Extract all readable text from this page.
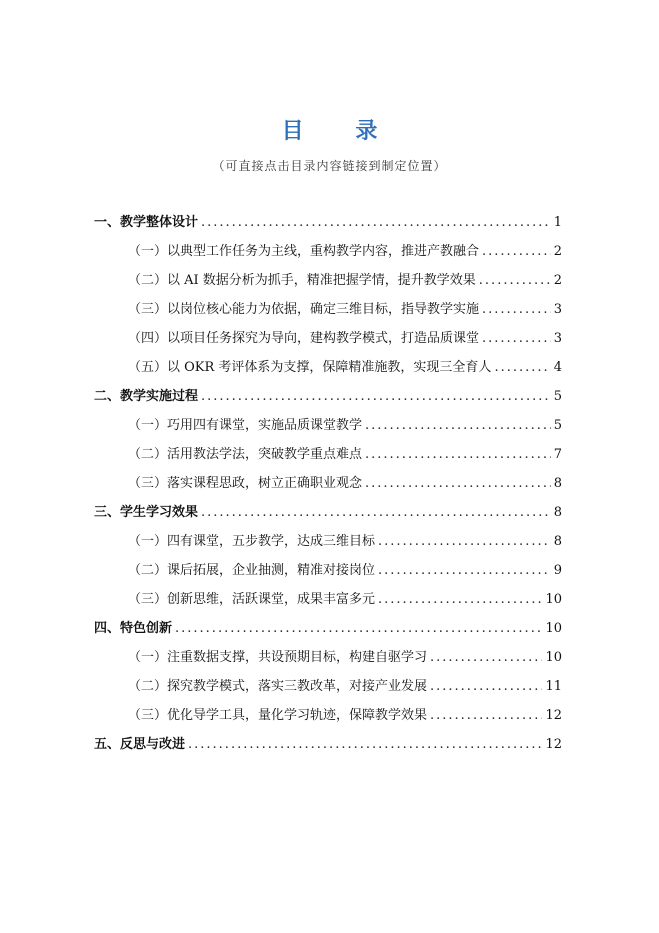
目 录
（可直接点击目录内容链接到制定位置）
一、教学整体设计 .....	1
（一）以典型工作任务为主线，重构教学内容，推进产教融合 .....	2
（二）以 AI 数据分析为抓手，精准把握学情，提升教学效果 .....	2
（三）以岗位核心能力为依据，确定三维目标，指导教学实施 .....	3
（四）以项目任务探究为导向，建构教学模式，打造品质课堂 .....	3
（五）以 OKR 考评体系为支撑，保障精准施教，实现三全育人 .....	4
二、教学实施过程 .....	5
（一）巧用四有课堂，实施品质课堂教学 .....	5
（二）活用教法学法，突破教学重点难点 .....	7
（三）落实课程思政，树立正确职业观念 .....	8
三、学生学习效果 .....	8
（一）四有课堂，五步教学，达成三维目标 .....	8
（二）课后拓展，企业抽测，精准对接岗位 .....	9
（三）创新思维，活跃课堂，成果丰富多元 .....	10
四、特色创新 .....	10
（一）注重数据支撑，共设预期目标，构建自驱学习 .....	10
（二）探究教学模式，落实三教改革，对接产业发展 .....	11
（三）优化导学工具，量化学习轨迹，保障教学效果 .....	12
五、反思与改进 .....	12
